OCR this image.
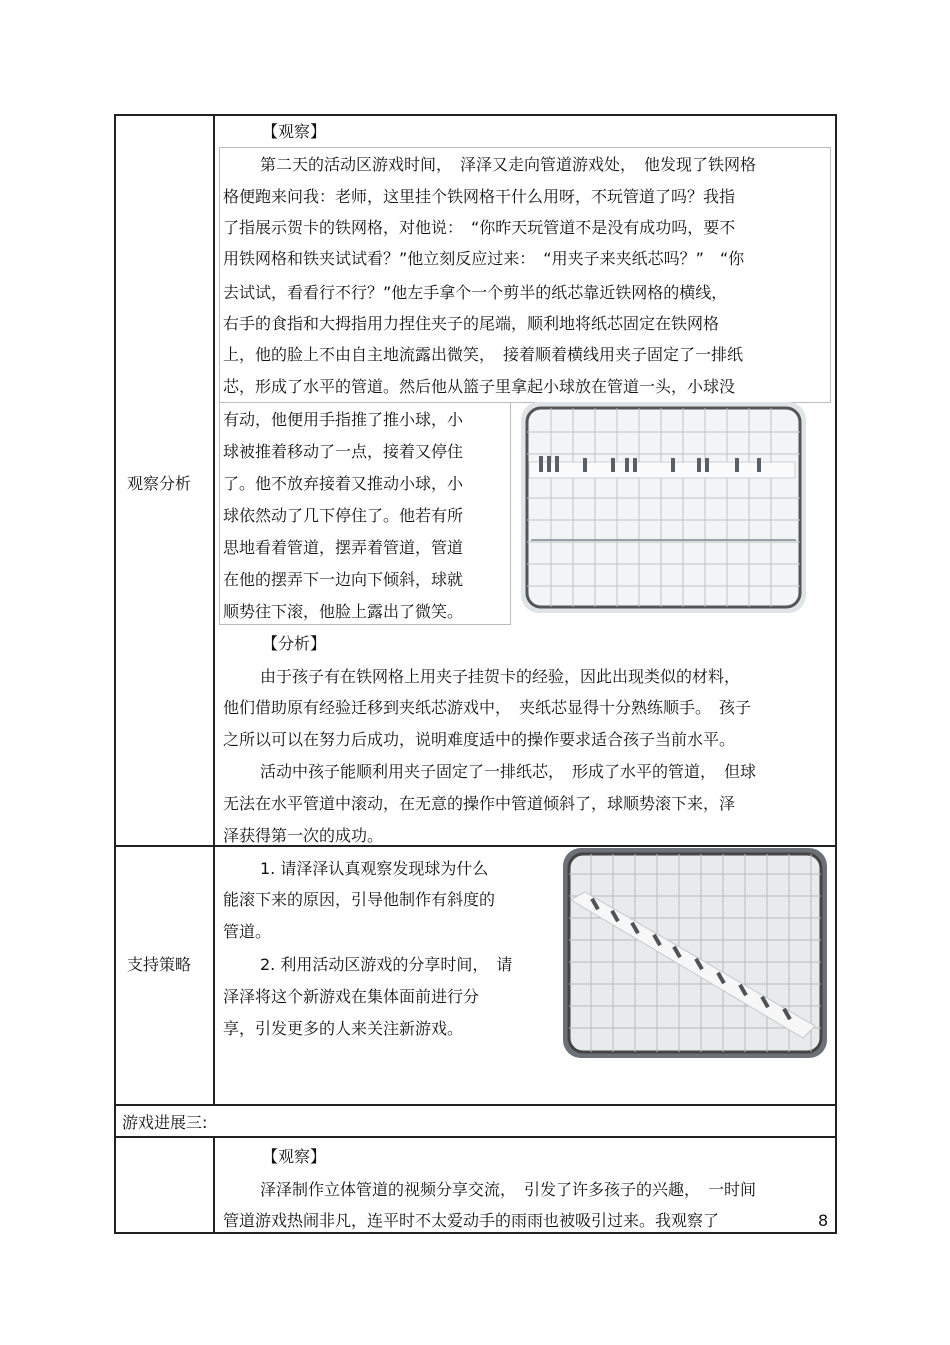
观察分析
【观察】
第二天的活动区游戏时间，　泽泽又走向管道游戏处，　他发现了铁网格
格便跑来问我：老师，这里挂个铁网格干什么用呀，不玩管道了吗？我指
了指展示贺卡的铁网格，对他说：　“你昨天玩管道不是没有成功吗，要不
用铁网格和铁夹试试看？”他立刻反应过来：　“用夹子来夹纸芯吗？”　“你
去试试，看看行不行？”他左手拿个一个剪半的纸芯靠近铁网格的横线，
右手的食指和大拇指用力捏住夹子的尾端，顺利地将纸芯固定在铁网格
上，他的脸上不由自主地流露出微笑，　接着顺着横线用夹子固定了一排纸
芯，形成了水平的管道。然后他从篮子里拿起小球放在管道一头，小球没
有动，他便用手指推了推小球，小
球被推着移动了一点，接着又停住
了。他不放弃接着又推动小球，小
球依然动了几下停住了。他若有所
思地看着管道，摆弄着管道，管道
在他的摆弄下一边向下倾斜，球就
顺势往下滚，他脸上露出了微笑。
【分析】
由于孩子有在铁网格上用夹子挂贺卡的经验，因此出现类似的材料，
他们借助原有经验迁移到夹纸芯游戏中，　夹纸芯显得十分熟练顺手。　孩子
之所以可以在努力后成功，说明难度适中的操作要求适合孩子当前水平。
活动中孩子能顺利用夹子固定了一排纸芯，　形成了水平的管道，　但球
无法在水平管道中滚动，在无意的操作中管道倾斜了，球顺势滚下来，泽
泽获得第一次的成功。
支持策略
1. 请泽泽认真观察发现球为什么
能滚下来的原因，引导他制作有斜度的
管道。
2. 利用活动区游戏的分享时间，　请
泽泽将这个新游戏在集体面前进行分
享，引发更多的人来关注新游戏。
游戏进展三:
【观察】
泽泽制作立体管道的视频分享交流，　引发了许多孩子的兴趣，　一时间
管道游戏热闹非凡，连平时不太爱动手的雨雨也被吸引过来。我观察了	8
